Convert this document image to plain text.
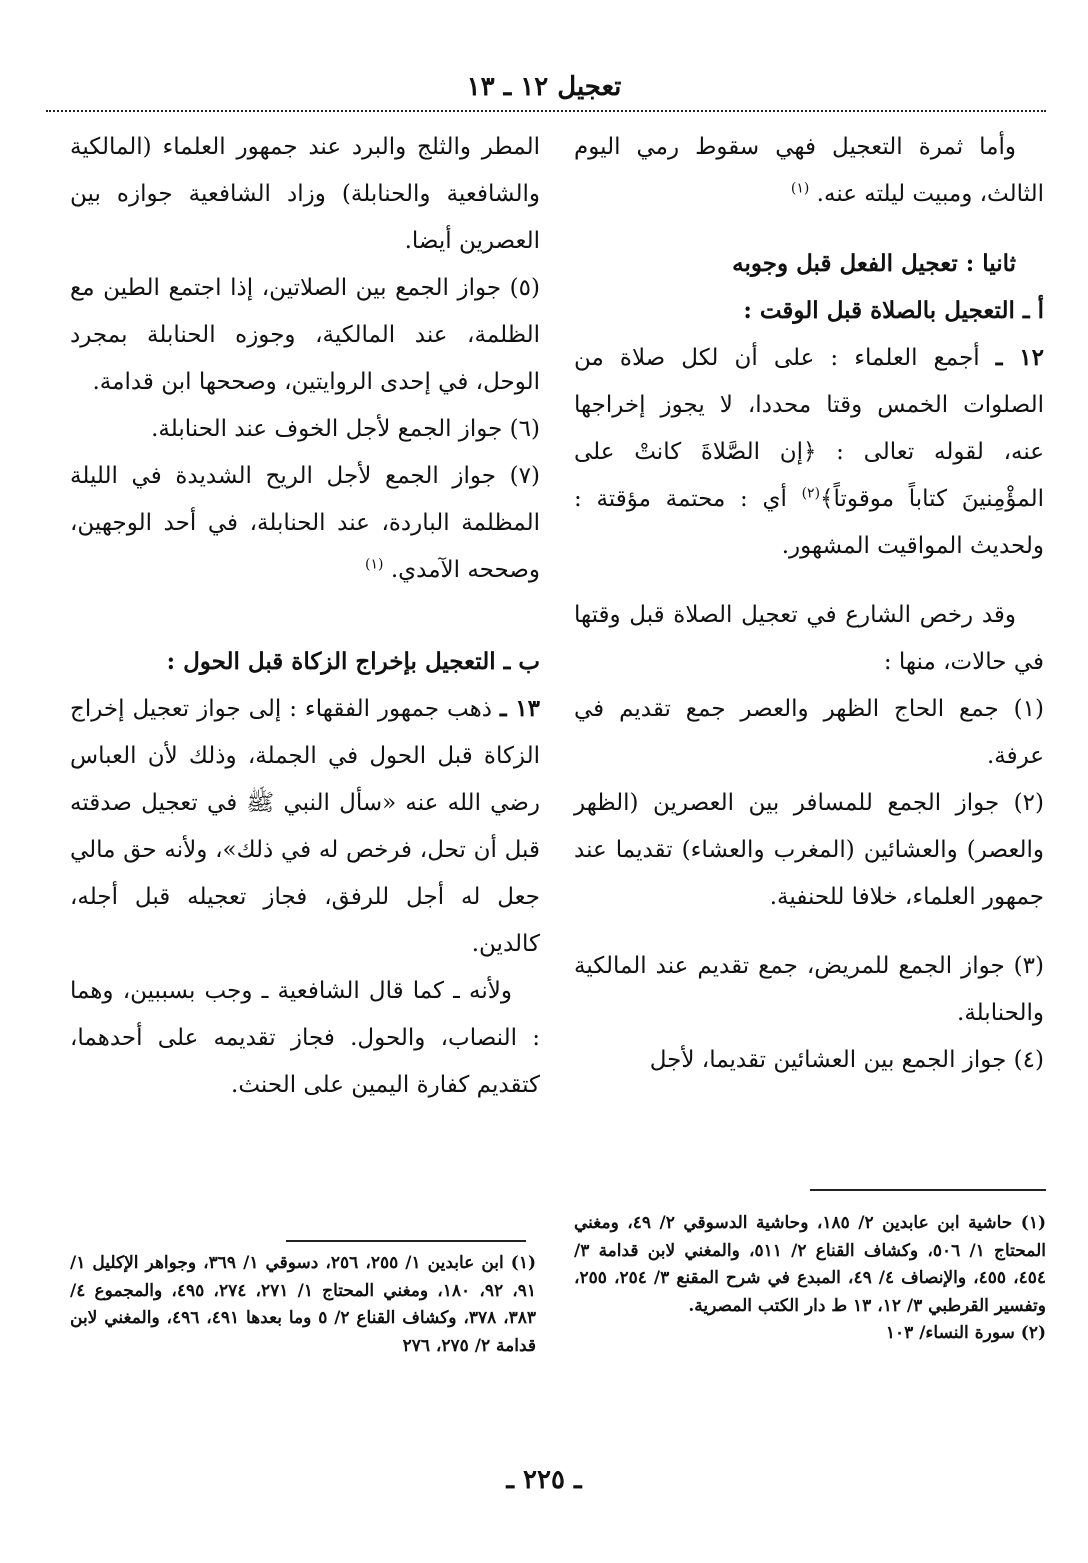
تعجيل ١٢ ـ ١٣

وأما ثمرة التعجيل فهي سقوط رمي اليوم الثالث، ومبيت ليلته عنه. $^{(١)}$

ثانيا : تعجيل الفعل قبل وجوبه

أ ـ التعجيل بالصلاة قبل الوقت :

١٢ ـ أجمع العلماء : على أن لكل صلاة من الصلوات الخمس وقتا محددا، لا يجوز إخراجها عنه، لقوله تعالى : ﴿إن الصَّلاةَ كانتْ على المؤْمِنينَ كتاباً موقوتاً﴾$^{(٢)}$ أي : محتمة مؤقتة : ولحديث المواقيت المشهور.

وقد رخص الشارع في تعجيل الصلاة قبل وقتها في حالات، منها :

(١) جمع الحاج الظهر والعصر جمع تقديم في عرفة.

(٢) جواز الجمع للمسافر بين العصرين (الظهر والعصر) والعشائين (المغرب والعشاء) تقديما عند جمهور العلماء، خلافا للحنفية.

(٣) جواز الجمع للمريض، جمع تقديم عند المالكية والحنابلة.

(٤) جواز الجمع بين العشائين تقديما، لأجل

المطر والثلج والبرد عند جمهور العلماء (المالكية والشافعية والحنابلة) وزاد الشافعية جوازه بين العصرين أيضا.

(٥) جواز الجمع بين الصلاتين، إذا اجتمع الطين مع الظلمة، عند المالكية، وجوزه الحنابلة بمجرد الوحل، في إحدى الروايتين، وصححها ابن قدامة.

(٦) جواز الجمع لأجل الخوف عند الحنابلة.

(٧) جواز الجمع لأجل الريح الشديدة في الليلة المظلمة الباردة، عند الحنابلة، في أحد الوجهين، وصححه الآمدي. $^{(١)}$

ب ـ التعجيل بإخراج الزكاة قبل الحول :

١٣ ـ ذهب جمهور الفقهاء : إلى جواز تعجيل إخراج الزكاة قبل الحول في الجملة، وذلك لأن العباس رضي الله عنه «سأل النبي ﷺ في تعجيل صدقته قبل أن تحل، فرخص له في ذلك»، ولأنه حق مالي جعل له أجل للرفق، فجاز تعجيله قبل أجله، كالدين.

ولأنه ـ كما قال الشافعية ـ وجب بسببين، وهما : النصاب، والحول. فجاز تقديمه على أحدهما، كتقديم كفارة اليمين على الحنث.

(١) حاشية ابن عابدين ٢/ ١٨٥، وحاشية الدسوقي ٢/ ٤٩، ومغني المحتاج ١/ ٥٠٦، وكشاف القناع ٢/ ٥١١، والمغني لابن قدامة ٣/ ٤٥٤، ٤٥٥، والإنصاف ٤/ ٤٩، المبدع في شرح المقنع ٣/ ٢٥٤، ٢٥٥، وتفسير القرطبي ٣/ ١٢، ١٣ ط دار الكتب المصرية.

(٢) سورة النساء/ ١٠٣

(١) ابن عابدين ١/ ٢٥٥، ٢٥٦، دسوقي ١/ ٣٦٩، وجواهر الإكليل ١/ ٩١، ٩٢، ١٨٠، ومغني المحتاج ١/ ٢٧١، ٢٧٤، ٤٩٥، والمجموع ٤/ ٣٨٣، ٣٧٨، وكشاف القناع ٢/ ٥ وما بعدها ٤٩١، ٤٩٦، والمغني لابن قدامة ٢/ ٢٧٥، ٢٧٦

ـ ٢٢٥ ـ
